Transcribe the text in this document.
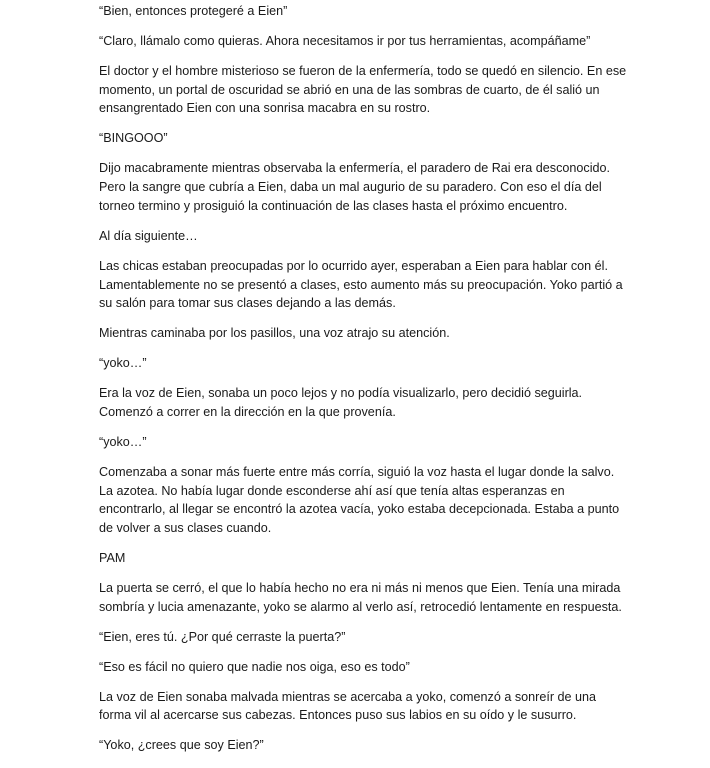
“Bien, entonces protegeré a Eien”

“Claro, llámalo como quieras. Ahora necesitamos ir por tus herramientas, acompáñame”

El doctor y el hombre misterioso se fueron de la enfermería, todo se quedó en silencio. En ese momento, un portal de oscuridad se abrió en una de las sombras de cuarto, de él salió un ensangrentado Eien con una sonrisa macabra en su rostro.

“BINGOOO”

Dijo macabramente mientras observaba la enfermería, el paradero de Rai era desconocido. Pero la sangre que cubría a Eien, daba un mal augurio de su paradero. Con eso el día del torneo termino y prosiguió la continuación de las clases hasta el próximo encuentro.

Al día siguiente…

Las chicas estaban preocupadas por lo ocurrido ayer, esperaban a Eien para hablar con él. Lamentablemente no se presentó a clases, esto aumento más su preocupación. Yoko partió a su salón para tomar sus clases dejando a las demás.

Mientras caminaba por los pasillos, una voz atrajo su atención.

“yoko…”

Era la voz de Eien, sonaba un poco lejos y no podía visualizarlo, pero decidió seguirla. Comenzó a correr en la dirección en la que provenía.

“yoko…”

Comenzaba a sonar más fuerte entre más corría, siguió la voz hasta el lugar donde la salvo. La azotea. No había lugar donde esconderse ahí así que tenía altas esperanzas en encontrarlo, al llegar se encontró la azotea vacía, yoko estaba decepcionada. Estaba a punto de volver a sus clases cuando.

PAM

La puerta se cerró, el que lo había hecho no era ni más ni menos que Eien. Tenía una mirada sombría y lucia amenazante, yoko se alarmo al verlo así, retrocedió lentamente en respuesta.

“Eien, eres tú. ¿Por qué cerraste la puerta?”

“Eso es fácil no quiero que nadie nos oiga, eso es todo”

La voz de Eien sonaba malvada mientras se acercaba a yoko, comenzó a sonreír de una forma vil al acercarse sus cabezas. Entonces puso sus labios en su oído y le susurro.

“Yoko, ¿crees que soy Eien?”
